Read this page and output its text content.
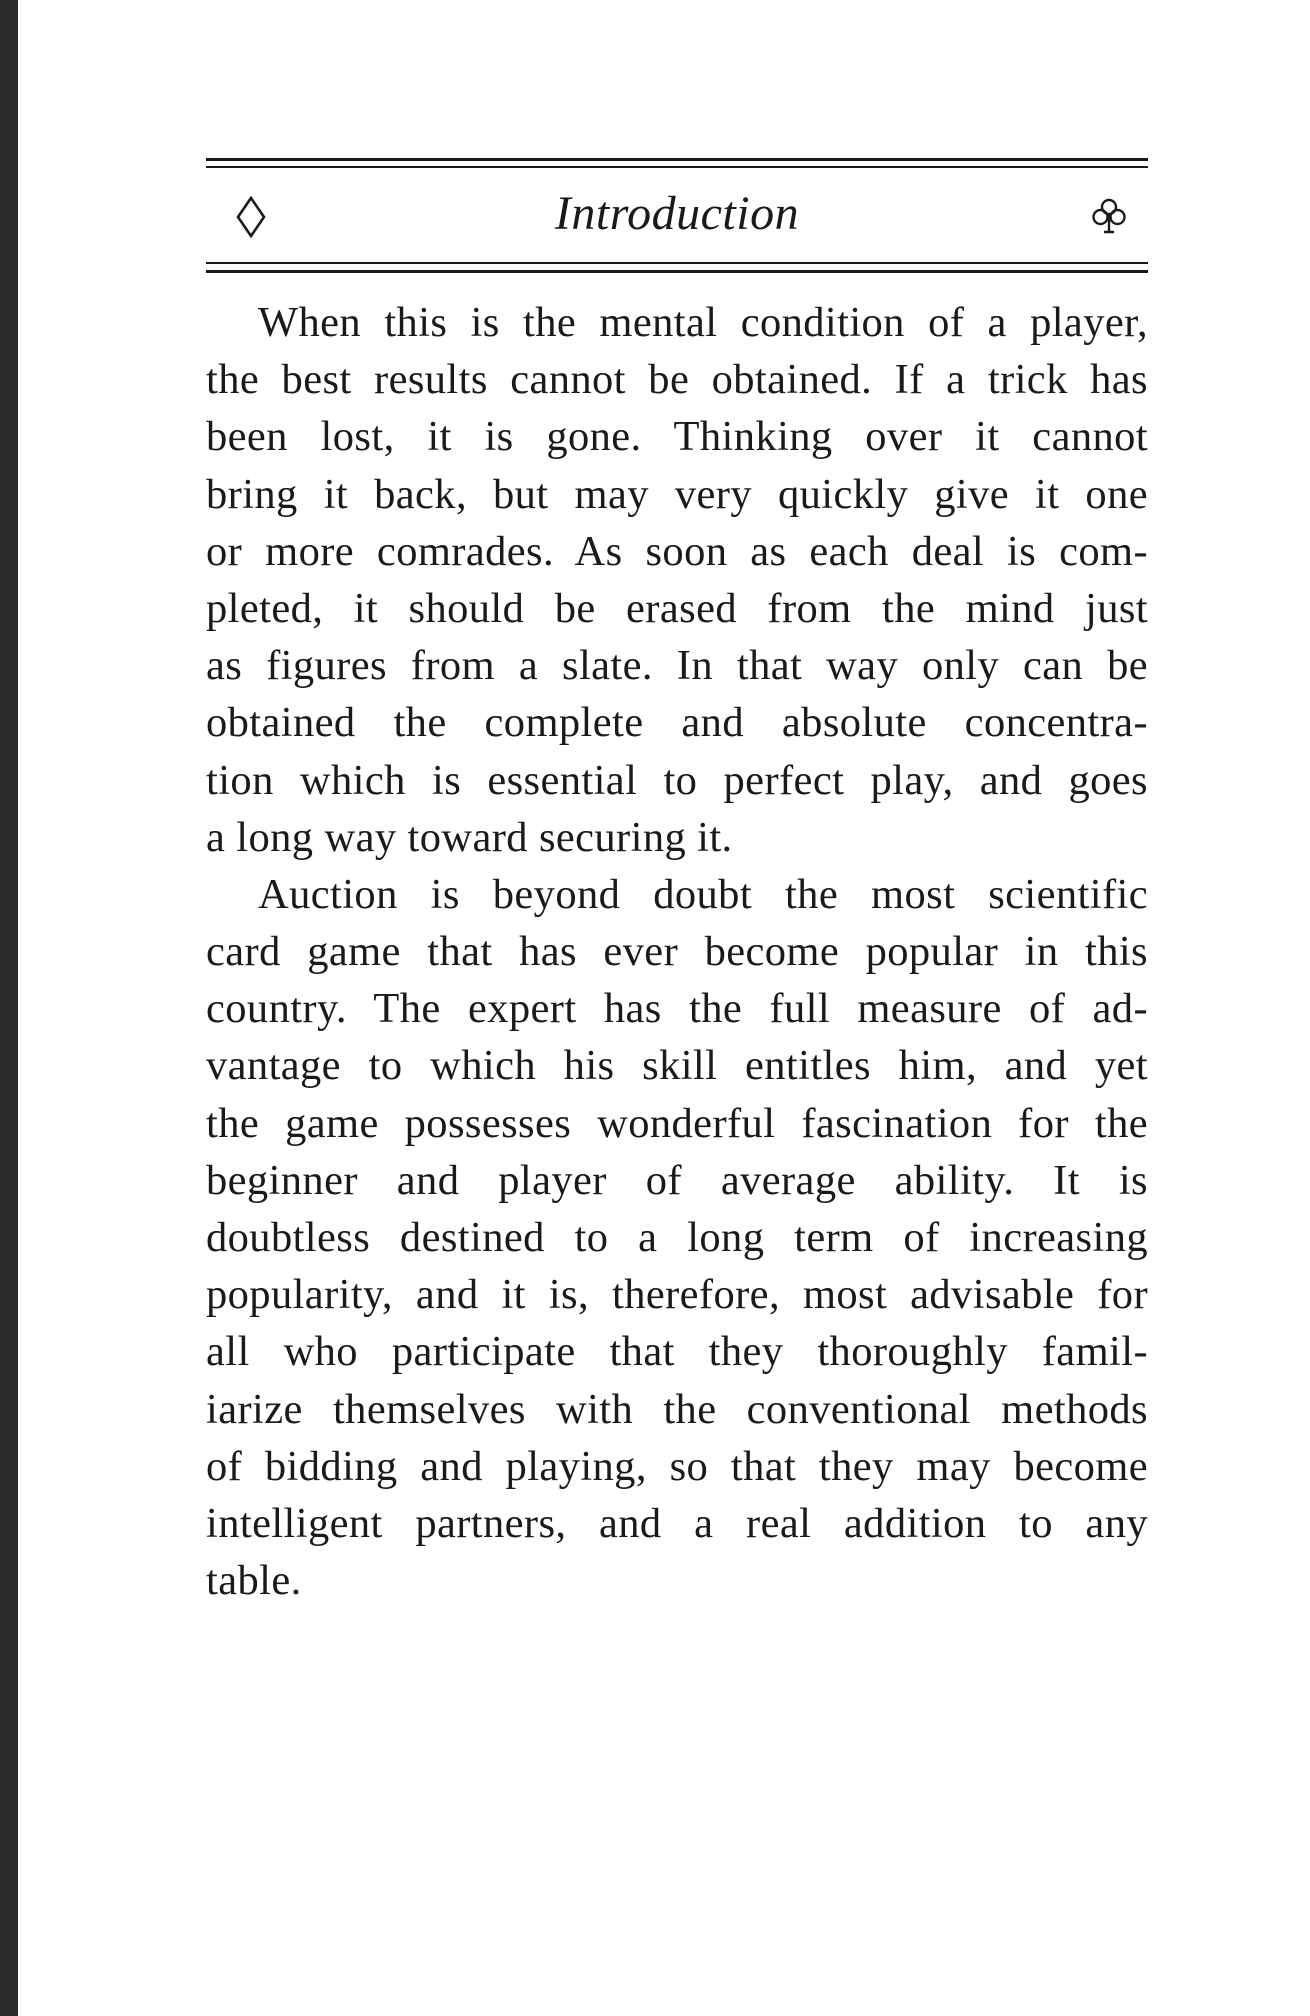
Introduction
When this is the mental condition of a player,
the best results cannot be obtained. If a trick has
been lost, it is gone. Thinking over it cannot
bring it back, but may very quickly give it one
or more comrades. As soon as each deal is com-
pleted, it should be erased from the mind just
as figures from a slate. In that way only can be
obtained the complete and absolute concentra-
tion which is essential to perfect play, and goes
a long way toward securing it.
Auction is beyond doubt the most scientific
card game that has ever become popular in this
country. The expert has the full measure of ad-
vantage to which his skill entitles him, and yet
the game possesses wonderful fascination for the
beginner and player of average ability. It is
doubtless destined to a long term of increasing
popularity, and it is, therefore, most advisable for
all who participate that they thoroughly famil-
iarize themselves with the conventional methods
of bidding and playing, so that they may become
intelligent partners, and a real addition to any
table.
